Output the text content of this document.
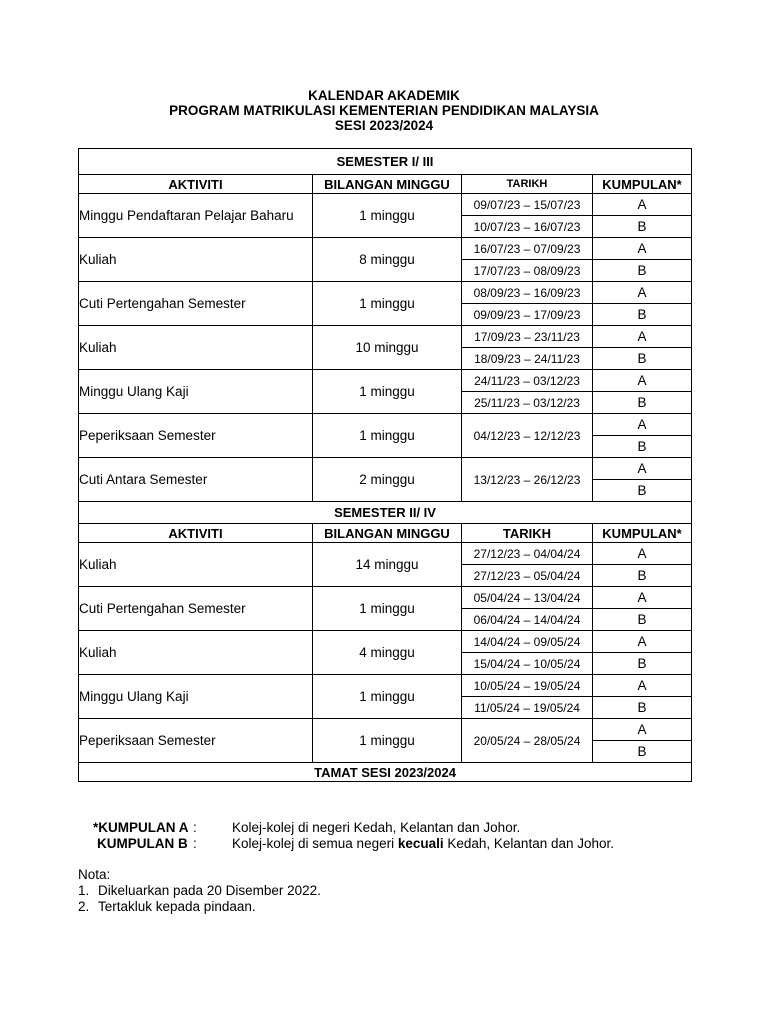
KALENDAR AKADEMIK
PROGRAM MATRIKULASI KEMENTERIAN PENDIDIKAN MALAYSIA
SESI 2023/2024
SEMESTER I/ III			
AKTIVITI	BILANGAN MINGGU	TARIKH	KUMPULAN*
Minggu Pendaftaran Pelajar Baharu	1 minggu	09/07/23 – 15/07/23	A
		10/07/23 – 16/07/23	B
Kuliah	8 minggu	16/07/23 – 07/09/23	A
		17/07/23 – 08/09/23	B
Cuti Pertengahan Semester	1 minggu	08/09/23 – 16/09/23	A
		09/09/23 – 17/09/23	B
Kuliah	10 minggu	17/09/23 – 23/11/23	A
		18/09/23 – 24/11/23	B
Minggu Ulang Kaji	1 minggu	24/11/23 – 03/12/23	A
		25/11/23 – 03/12/23	B
Peperiksaan Semester	1 minggu	04/12/23 – 12/12/23	A
			B
Cuti Antara Semester	2 minggu	13/12/23 – 26/12/23	A
			B
SEMESTER II/ IV			
AKTIVITI	BILANGAN MINGGU	TARIKH	KUMPULAN*
Kuliah	14 minggu	27/12/23 – 04/04/24	A
		27/12/23 – 05/04/24	B
Cuti Pertengahan Semester	1 minggu	05/04/24 – 13/04/24	A
		06/04/24 – 14/04/24	B
Kuliah	4 minggu	14/04/24 – 09/05/24	A
		15/04/24 – 10/05/24	B
Minggu Ulang Kaji	1 minggu	10/05/24 – 19/05/24	A
		11/05/24 – 19/05/24	B
Peperiksaan Semester	1 minggu	20/05/24 – 28/05/24	A
			B
TAMAT SESI 2023/2024			
*KUMPULAN A :	Kolej-kolej di negeri Kedah, Kelantan dan Johor.
KUMPULAN B :	Kolej-kolej di semua negeri kecuali Kedah, Kelantan dan Johor.
Nota:
1. Dikeluarkan pada 20 Disember 2022.
2. Tertakluk kepada pindaan.
